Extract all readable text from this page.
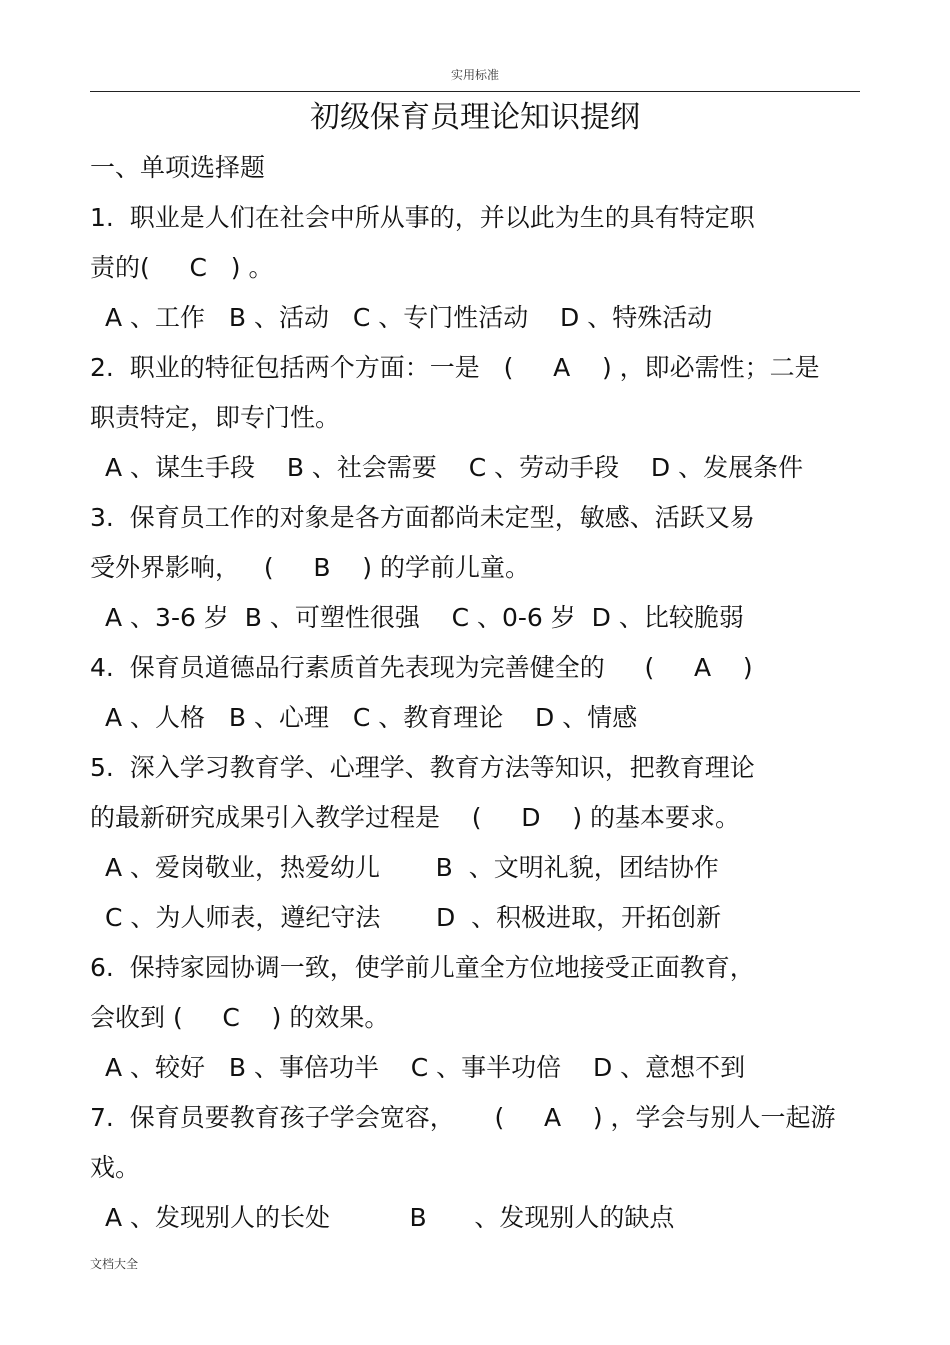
实用标准
初级保育员理论知识提纲
一、单项选择题
1.  职业是人们在社会中所从事的，并以此为生的具有特定职
责的(     C   ) 。
A 、工作   B 、活动   C 、专门性活动    D 、特殊活动
2.  职业的特征包括两个方面：一是   (     A    ) ，即必需性；二是
职责特定，即专门性。
A 、谋生手段    B 、社会需要    C 、劳动手段    D 、发展条件
3.  保育员工作的对象是各方面都尚未定型，敏感、活跃又易
受外界影响，   (     B    ) 的学前儿童。
A 、3-6 岁  B 、可塑性很强    C 、0-6 岁  D 、比较脆弱
4.  保育员道德品行素质首先表现为完善健全的     (     A    )
A 、人格   B 、心理   C 、教育理论    D 、情感
5.  深入学习教育学、心理学、教育方法等知识，把教育理论
的最新研究成果引入教学过程是    (     D    ) 的基本要求。
A 、爱岗敬业，热爱幼儿       B  、文明礼貌，团结协作
C 、为人师表，遵纪守法       D  、积极进取，开拓创新
6.  保持家园协调一致，使学前儿童全方位地接受正面教育，
会收到 (     C    ) 的效果。
A 、较好   B 、事倍功半    C 、事半功倍    D 、意想不到
7.  保育员要教育孩子学会宽容，     (     A    ) ，学会与别人一起游
戏。
A 、发现别人的长处          B      、发现别人的缺点
文档大全
